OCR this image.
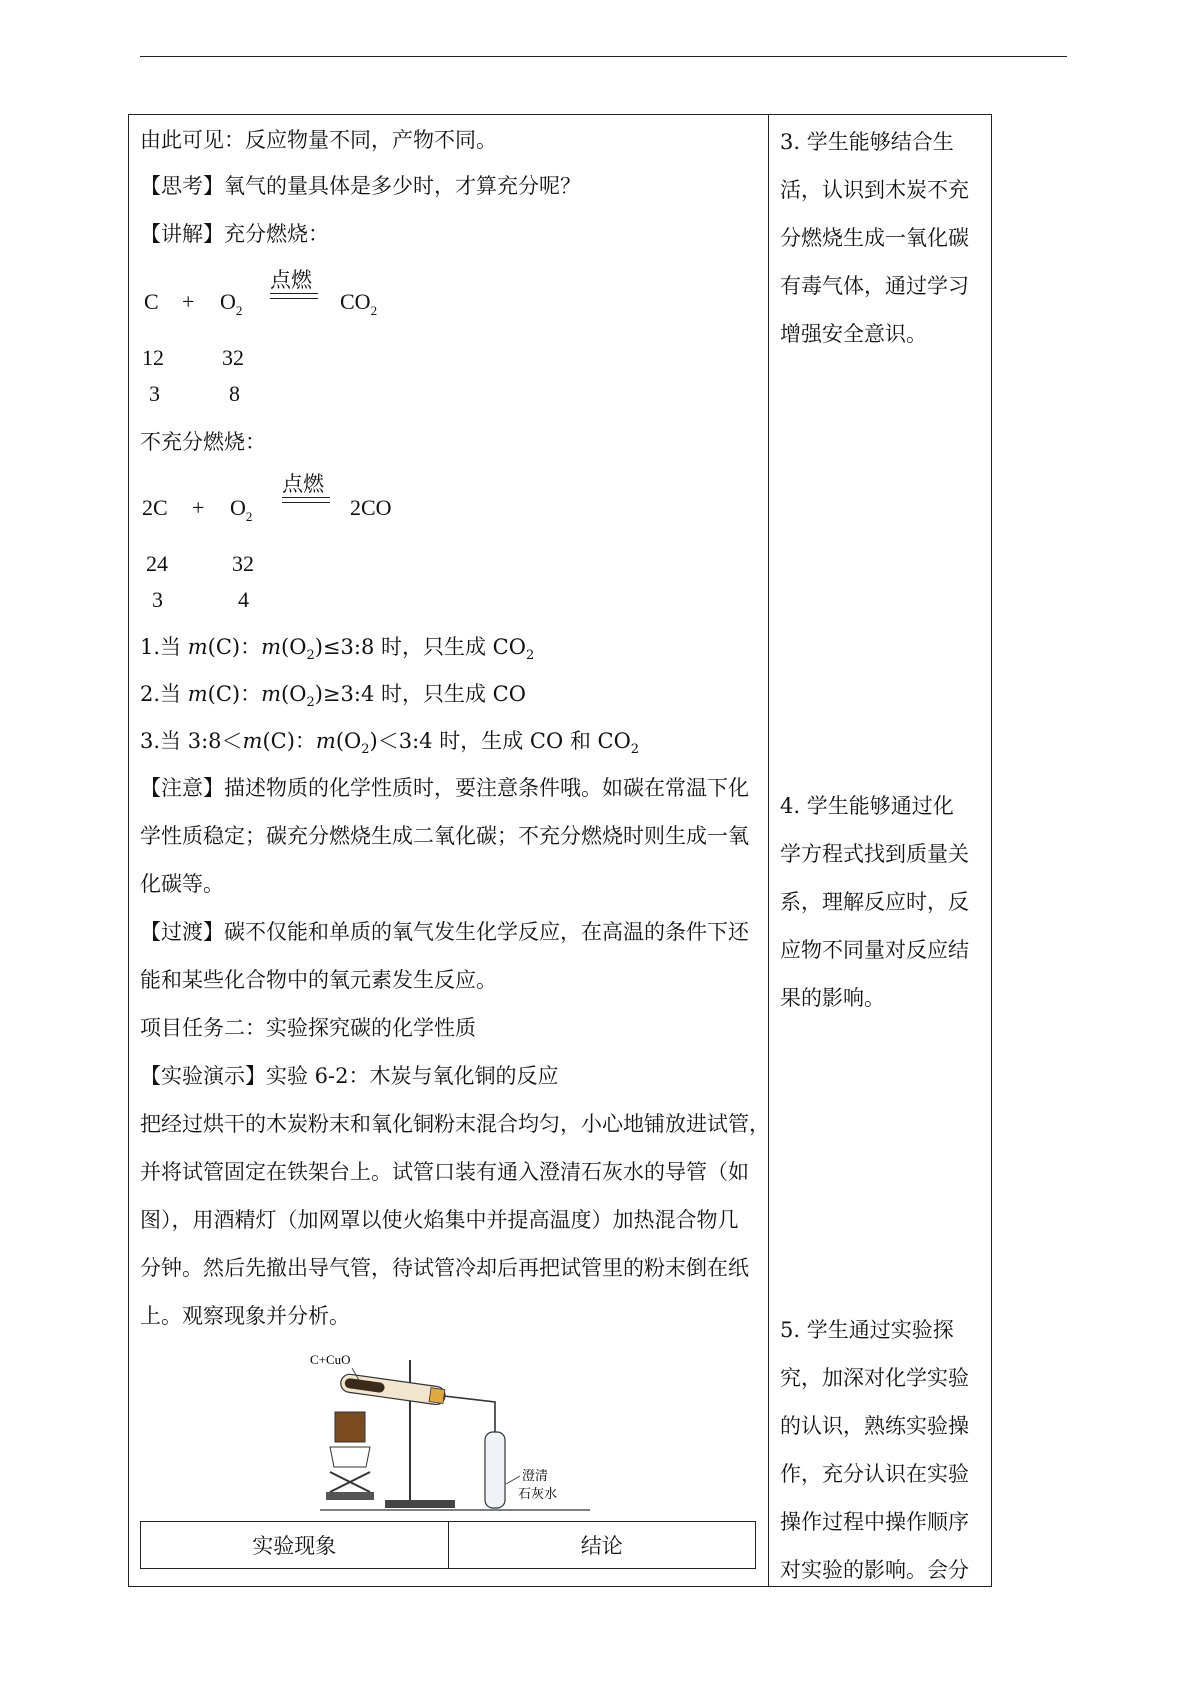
由此可见：反应物量不同，产物不同。
【思考】氧气的量具体是多少时，才算充分呢？
【讲解】充分燃烧：
$C + O_2$
点燃
$CO_2$
12	32
3	8
不充分燃烧：
$2C + O_2$
点燃
2CO
24	32
3	4
1.当 m(C)：$m(O_2)\le 3:8$ 时，只生成 $CO_2$
2.当 m(C)：$m(O_2)\ge 3:4$ 时，只生成 CO
3.当 3:8＜m(C)：$m(O_2)<3:4$ 时，生成 CO 和 $CO_2$
【注意】描述物质的化学性质时，要注意条件哦。如碳在常温下化
学性质稳定；碳充分燃烧生成二氧化碳；不充分燃烧时则生成一氧
化碳等。
【过渡】碳不仅能和单质的氧气发生化学反应，在高温的条件下还
能和某些化合物中的氧元素发生反应。
项目任务二：实验探究碳的化学性质
【实验演示】实验 6-2：木炭与氧化铜的反应
把经过烘干的木炭粉末和氧化铜粉末混合均匀，小心地铺放进试管，
并将试管固定在铁架台上。试管口装有通入澄清石灰水的导管（如
图），用酒精灯（加网罩以使火焰集中并提高温度）加热混合物几
分钟。然后先撤出导气管，待试管冷却后再把试管里的粉末倒在纸
上。观察现象并分析。
C+CuO
澄清
石灰水
实验现象	结论
3. 学生能够结合生
活，认识到木炭不充
分燃烧生成一氧化碳
有毒气体，通过学习
增强安全意识。
4. 学生能够通过化
学方程式找到质量关
系，理解反应时，反
应物不同量对反应结
果的影响。
5. 学生通过实验探
究，加深对化学实验
的认识，熟练实验操
作，充分认识在实验
操作过程中操作顺序
对实验的影响。会分
